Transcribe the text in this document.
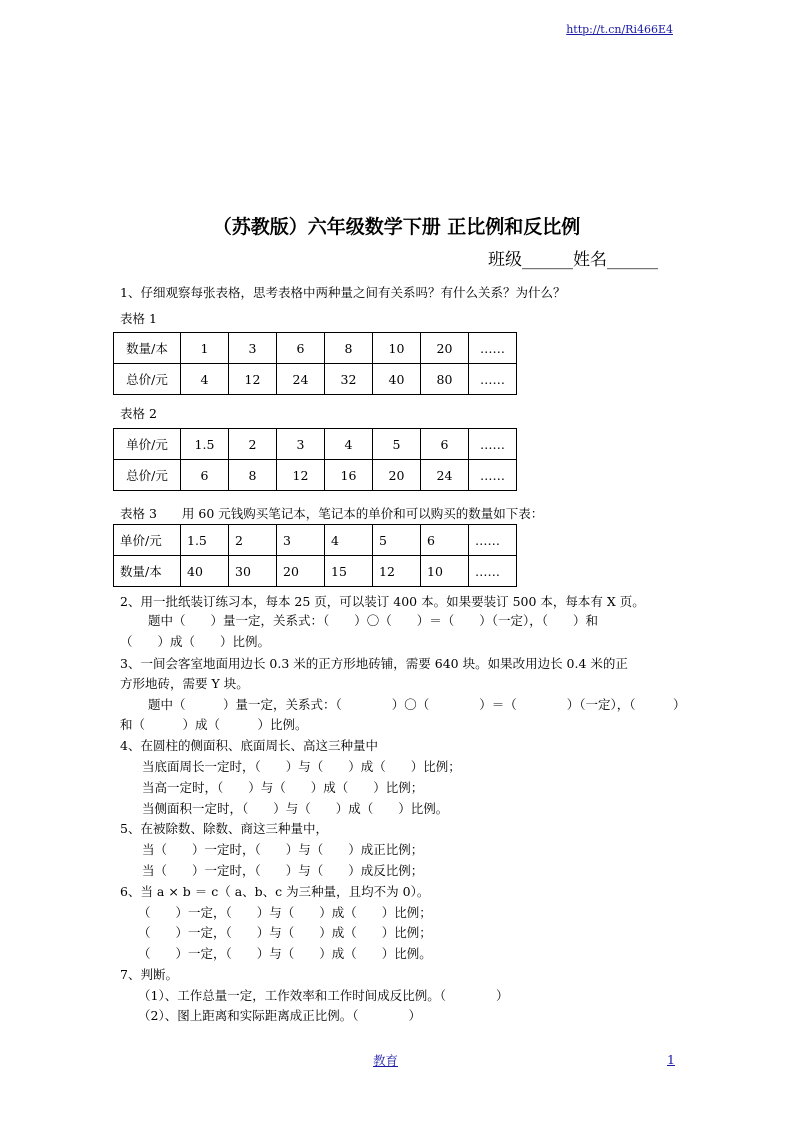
http://t.cn/Ri466E4
（苏教版）六年级数学下册 正比例和反比例
班级______姓名______
1、仔细观察每张表格，思考表格中两种量之间有关系吗？有什么关系？为什么？
表格 1
数量/本	1	3	6	8	10	20	……
总价/元	4	12	24	32	40	80	……
表格 2
单价/元	1.5	2	3	4	5	6	……
总价/元	6	8	12	16	20	24	……
表格 3　　用 60 元钱购买笔记本，笔记本的单价和可以购买的数量如下表：
单价/元	1.5	2	3	4	5	6	……
数量/本	40	30	20	15	12	10	……
2、用一批纸装订练习本，每本 25 页，可以装订 400 本。如果要装订 500 本，每本有 X 页。
题中（　　）量一定，关系式：（　　）〇（　　）＝（　　）（一定），（　　）和
（　　）成（　　）比例。
3、一间会客室地面用边长 0.3 米的正方形地砖铺，需要 640 块。如果改用边长 0.4 米的正
方形地砖，需要 Y 块。
题中（　　　）量一定，关系式：（　　　　）〇（　　　　）＝（　　　　）（一定），（　　　）
和（　　　）成（　　　）比例。
4、在圆柱的侧面积、底面周长、高这三种量中
当底面周长一定时，（　　）与（　　）成（　　）比例；
当高一定时，（　　）与（　　）成（　　）比例；
当侧面积一定时，（　　）与（　　）成（　　）比例。
5、在被除数、除数、商这三种量中，
当（　　）一定时，（　　）与（　　）成正比例；
当（　　）一定时，（　　）与（　　）成反比例；
6、当 a × b ＝ c（ a、b、c 为三种量，且均不为 0）。
（　　）一定，（　　）与（　　）成（　　）比例；
（　　）一定，（　　）与（　　）成（　　）比例；
（　　）一定，（　　）与（　　）成（　　）比例。
7、判断。
（1）、工作总量一定，工作效率和工作时间成反比例。（　　　　）
（2）、图上距离和实际距离成正比例。（　　　　）
教育	1
